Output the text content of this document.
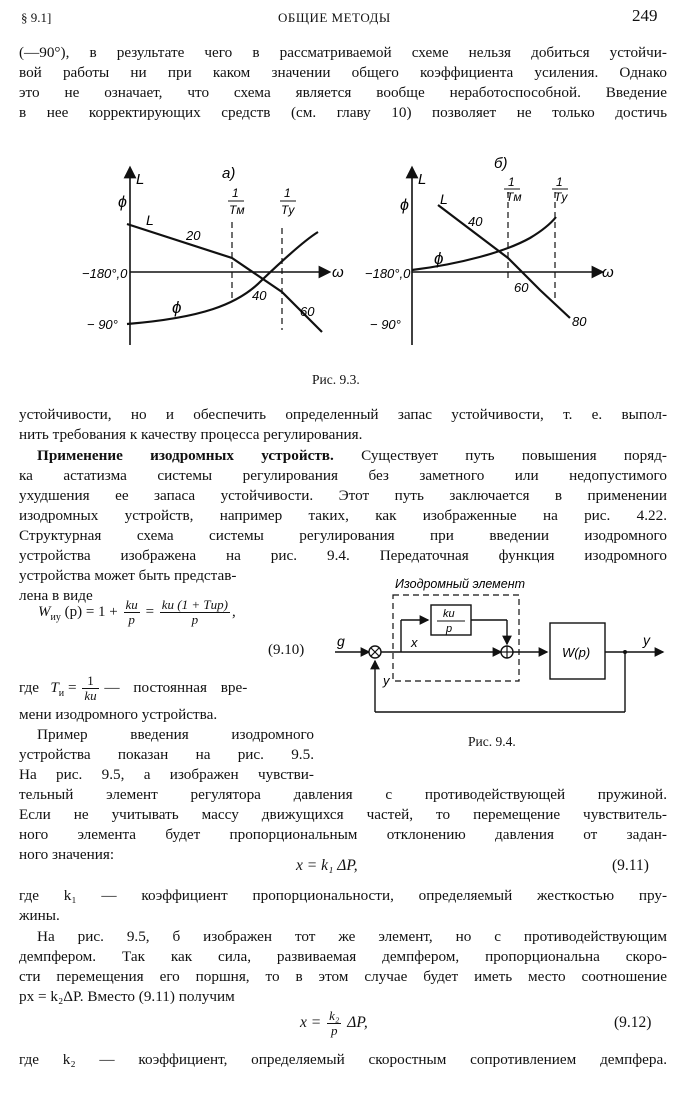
§ 9.1]	ОБЩИЕ МЕТОДЫ	249
(—90°), в результате чего в рассматриваемой схеме нельзя добиться устойчи-
вой работы ни при каком значении общего коэффициента усиления. Однако
это не означает, что схема является вообще неработоспособной. Введение
в нее корректирующих средств (см. главу 10) позволяет не только достичь
а)
L
ϕ
L
20
−180°,0	ω
40
60
ϕ
− 90°
1
Tм
1
Tу
б)
ϕ
L
L
40
ϕ
−180°,0	ω
60
80
− 90°
1
Tм
1
Tу
Рис. 9.3.
устойчивости, но и обеспечить определенный запас устойчивости, т. е. выпол-
нить требования к качеству процесса регулирования.
Применение изодромных устройств. Существует путь повышения поряд-
ка астатизма системы регулирования без заметного или недопустимого
ухудшения ее запаса устойчивости. Этот путь заключается в применении
изодромных устройств, например таких, как изображенные на рис. 4.22.
Структурная схема системы регулирования при введении изодромного
устройства изображена на рис. 9.4. Передаточная функция изодромного
устройства может быть представ-
лена в виде
$W_{иу}$ $(p) = 1 + \frac{kи}{p} = \frac{\text{kи (1 + Tиp)}}{p}$ ,
(9.10)
где $T_и = \frac{1}{kи}$ — постоянная вре-
мени изодромного устройства.
Пример введения изодромного
устройства показан на рис. 9.5.
На рис. 9.5, а изображен чувстви-
Изодромный элемент
kи
p
W(p)
g	x
y
y
Рис. 9.4.
тельный элемент регулятора давления с противодействующей пружиной.
Если не учитывать массу движущихся частей, то перемещение чувствитель-
ного элемента будет пропорциональным отклонению давления от задан-
ного значения:
x = k₁ ΔP,	(9.11)
где k₁ — коэффициент пропорциональности, определяемый жесткостью пру-
жины.
На рис. 9.5, б изображен тот же элемент, но с противодействующим
демпфером. Так как сила, развиваемая демпфером, пропорциональна скоро-
сти перемещения его поршня, то в этом случае будет иметь место соотношение
px = k₂ΔP. Вместо (9.11) получим
$x = \frac{\text{k₂}}{p} \Delta P$,	(9.12)
где k₂ — коэффициент, определяемый скоростным сопротивлением демпфера.
